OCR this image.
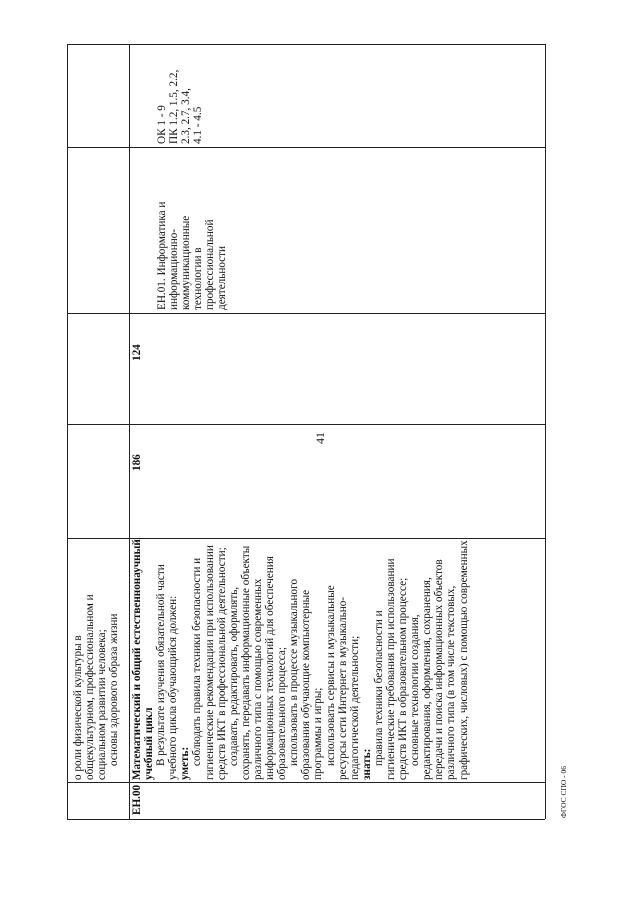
41
ФГОС СПО - 06
о роли физической культуры в общекультурном, профессиональном и социальном развитии человека; основы здорового образа жизни
ЕН.00
Математический и общий естественнонаучный учебный цикл В результате изучения обязательной части учебного цикла обучающийся должен: уметь: соблюдать правила техники безопасности и гигиенические рекомендации при использовании средств ИКТ в профессиональной деятельности; создавать, редактировать, оформлять, сохранять, передавать информационные объекты различного типа с помощью современных информационных технологий для обеспечения образовательного процесса; использовать в процессе музыкального образования обучающие компьютерные программы и игры; использовать сервисы и музыкальные ресурсы сети Интернет в музыкально- педагогической деятельности; знать: правила техники безопасности и гигиенические требования при использовании средств ИКТ в образовательном процессе; основные технологии создания, редактирования, оформления, сохранения, передачи и поиска информационных объектов различного типа (в том числе текстовых, графических, числовых) с помощью современных
186
124
ЕН.01. Информатика и информационно- коммуникационные технологии в профессиональной деятельности
ОК 1 - 9 ПК 1.2, 1.5, 2.2, 2.3, 2.7, 3.4, 4.1 - 4.5
